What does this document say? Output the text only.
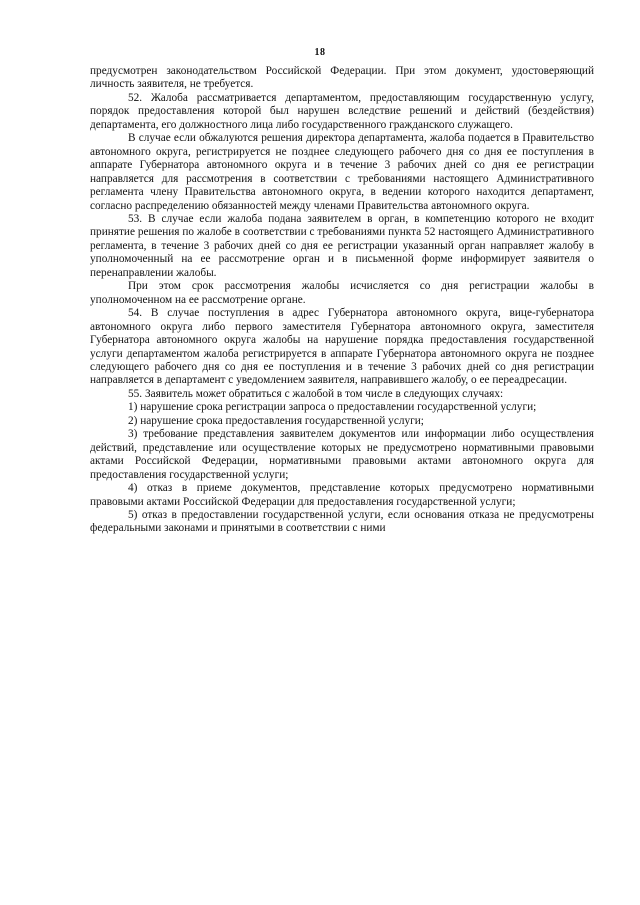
18

предусмотрен законодательством Российской Федерации. При этом документ, удостоверяющий личность заявителя, не требуется.

52. Жалоба рассматривается департаментом, предоставляющим государственную услугу, порядок предоставления которой был нарушен вследствие решений и действий (бездействия) департамента, его должностного лица либо государственного гражданского служащего.

В случае если обжалуются решения директора департамента, жалоба подается в Правительство автономного округа, регистрируется не позднее следующего рабочего дня со дня ее поступления в аппарате Губернатора автономного округа и в течение 3 рабочих дней со дня ее регистрации направляется для рассмотрения в соответствии с требованиями настоящего Административного регламента члену Правительства автономного округа, в ведении которого находится департамент, согласно распределению обязанностей между членами Правительства автономного округа.

53. В случае если жалоба подана заявителем в орган, в компетенцию которого не входит принятие решения по жалобе в соответствии с требованиями пункта 52 настоящего Административного регламента, в течение 3 рабочих дней со дня ее регистрации указанный орган направляет жалобу в уполномоченный на ее рассмотрение орган и в письменной форме информирует заявителя о перенаправлении жалобы.

При этом срок рассмотрения жалобы исчисляется со дня регистрации жалобы в уполномоченном на ее рассмотрение органе.

54. В случае поступления в адрес Губернатора автономного округа, вице-губернатора автономного округа либо первого заместителя Губернатора автономного округа, заместителя Губернатора автономного округа жалобы на нарушение порядка предоставления государственной услуги департаментом жалоба регистрируется в аппарате Губернатора автономного округа не позднее следующего рабочего дня со дня ее поступления и в течение 3 рабочих дней со дня регистрации направляется в департамент с уведомлением заявителя, направившего жалобу, о ее переадресации.

55. Заявитель может обратиться с жалобой в том числе в следующих случаях:

1) нарушение срока регистрации запроса о предоставлении государственной услуги;

2) нарушение срока предоставления государственной услуги;

3) требование представления заявителем документов или информации либо осуществления действий, представление или осуществление которых не предусмотрено нормативными правовыми актами Российской Федерации, нормативными правовыми актами автономного округа для предоставления государственной услуги;

4) отказ в приеме документов, представление которых предусмотрено нормативными правовыми актами Российской Федерации для предоставления государственной услуги;

5) отказ в предоставлении государственной услуги, если основания отказа не предусмотрены федеральными законами и принятыми в соответствии с ними
